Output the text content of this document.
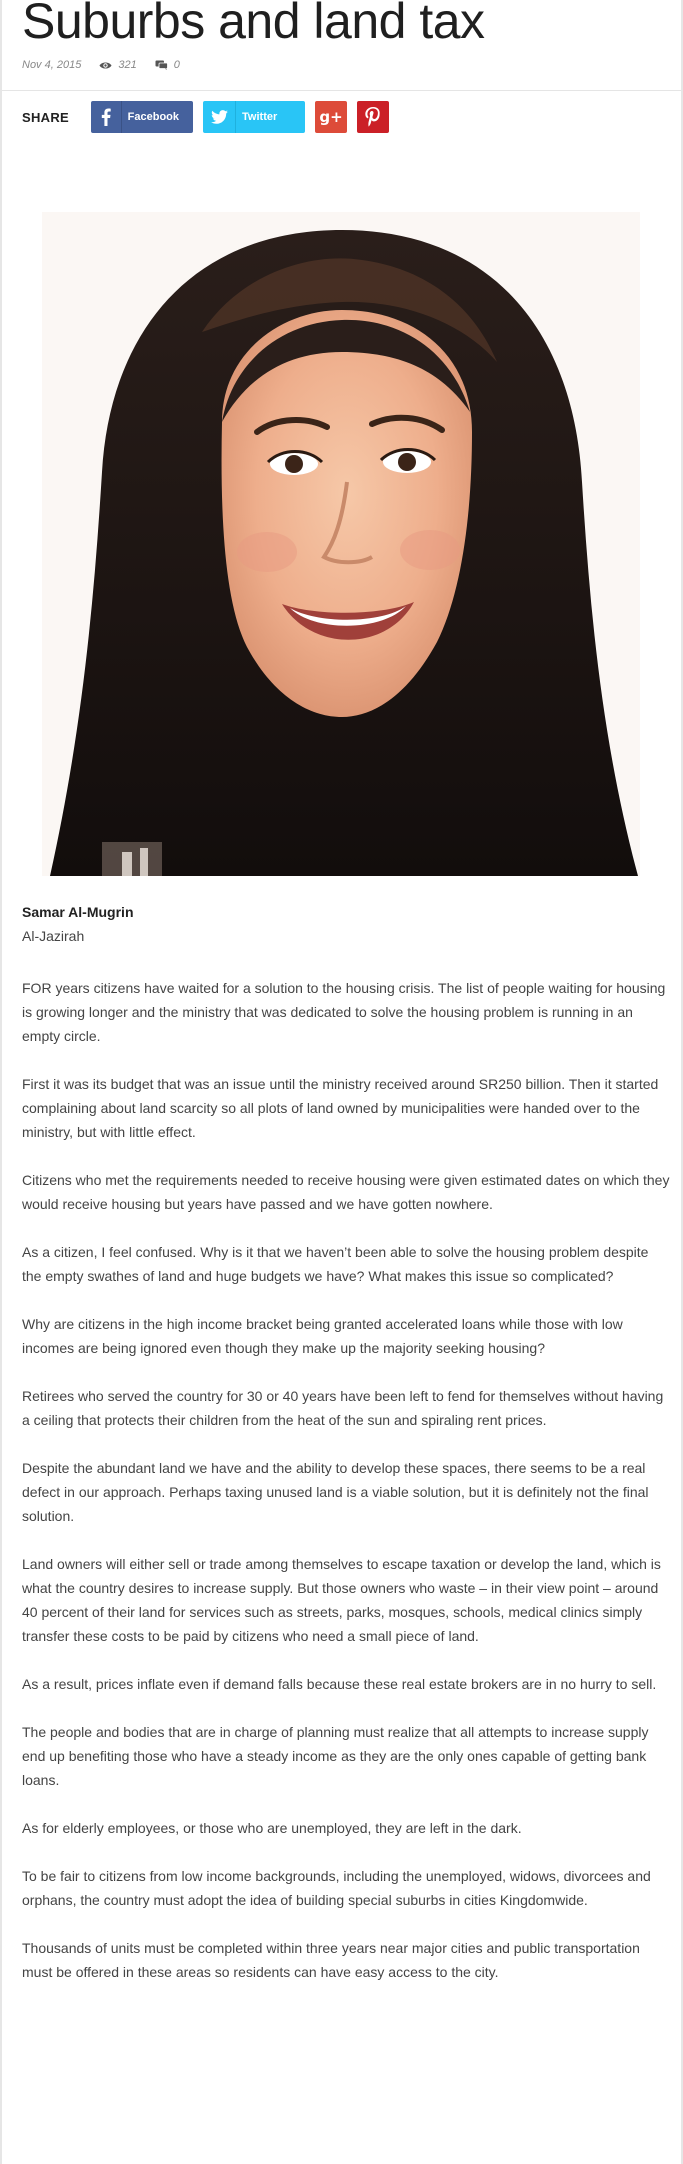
Suburbs and land tax
Nov 4, 2015	321	0
SHARE	Facebook	Twitter	g+
Samar Al-Mugrin
Al-Jazirah

FOR years citizens have waited for a solution to the housing crisis. The list of people waiting for housing is growing longer and the ministry that was dedicated to solve the housing problem is running in an empty circle.

First it was its budget that was an issue until the ministry received around SR250 billion. Then it started complaining about land scarcity so all plots of land owned by municipalities were handed over to the ministry, but with little effect.

Citizens who met the requirements needed to receive housing were given estimated dates on which they would receive housing but years have passed and we have gotten nowhere.

As a citizen, I feel confused. Why is it that we haven’t been able to solve the housing problem despite the empty swathes of land and huge budgets we have? What makes this issue so complicated?

Why are citizens in the high income bracket being granted accelerated loans while those with low incomes are being ignored even though they make up the majority seeking housing?

Retirees who served the country for 30 or 40 years have been left to fend for themselves without having a ceiling that protects their children from the heat of the sun and spiraling rent prices.

Despite the abundant land we have and the ability to develop these spaces, there seems to be a real defect in our approach. Perhaps taxing unused land is a viable solution, but it is definitely not the final solution.

Land owners will either sell or trade among themselves to escape taxation or develop the land, which is what the country desires to increase supply. But those owners who waste – in their view point – around 40 percent of their land for services such as streets, parks, mosques, schools, medical clinics simply transfer these costs to be paid by citizens who need a small piece of land.

As a result, prices inflate even if demand falls because these real estate brokers are in no hurry to sell.

The people and bodies that are in charge of planning must realize that all attempts to increase supply end up benefiting those who have a steady income as they are the only ones capable of getting bank loans.

As for elderly employees, or those who are unemployed, they are left in the dark.

To be fair to citizens from low income backgrounds, including the unemployed, widows, divorcees and orphans, the country must adopt the idea of building special suburbs in cities Kingdomwide.

Thousands of units must be completed within three years near major cities and public transportation must be offered in these areas so residents can have easy access to the city.
